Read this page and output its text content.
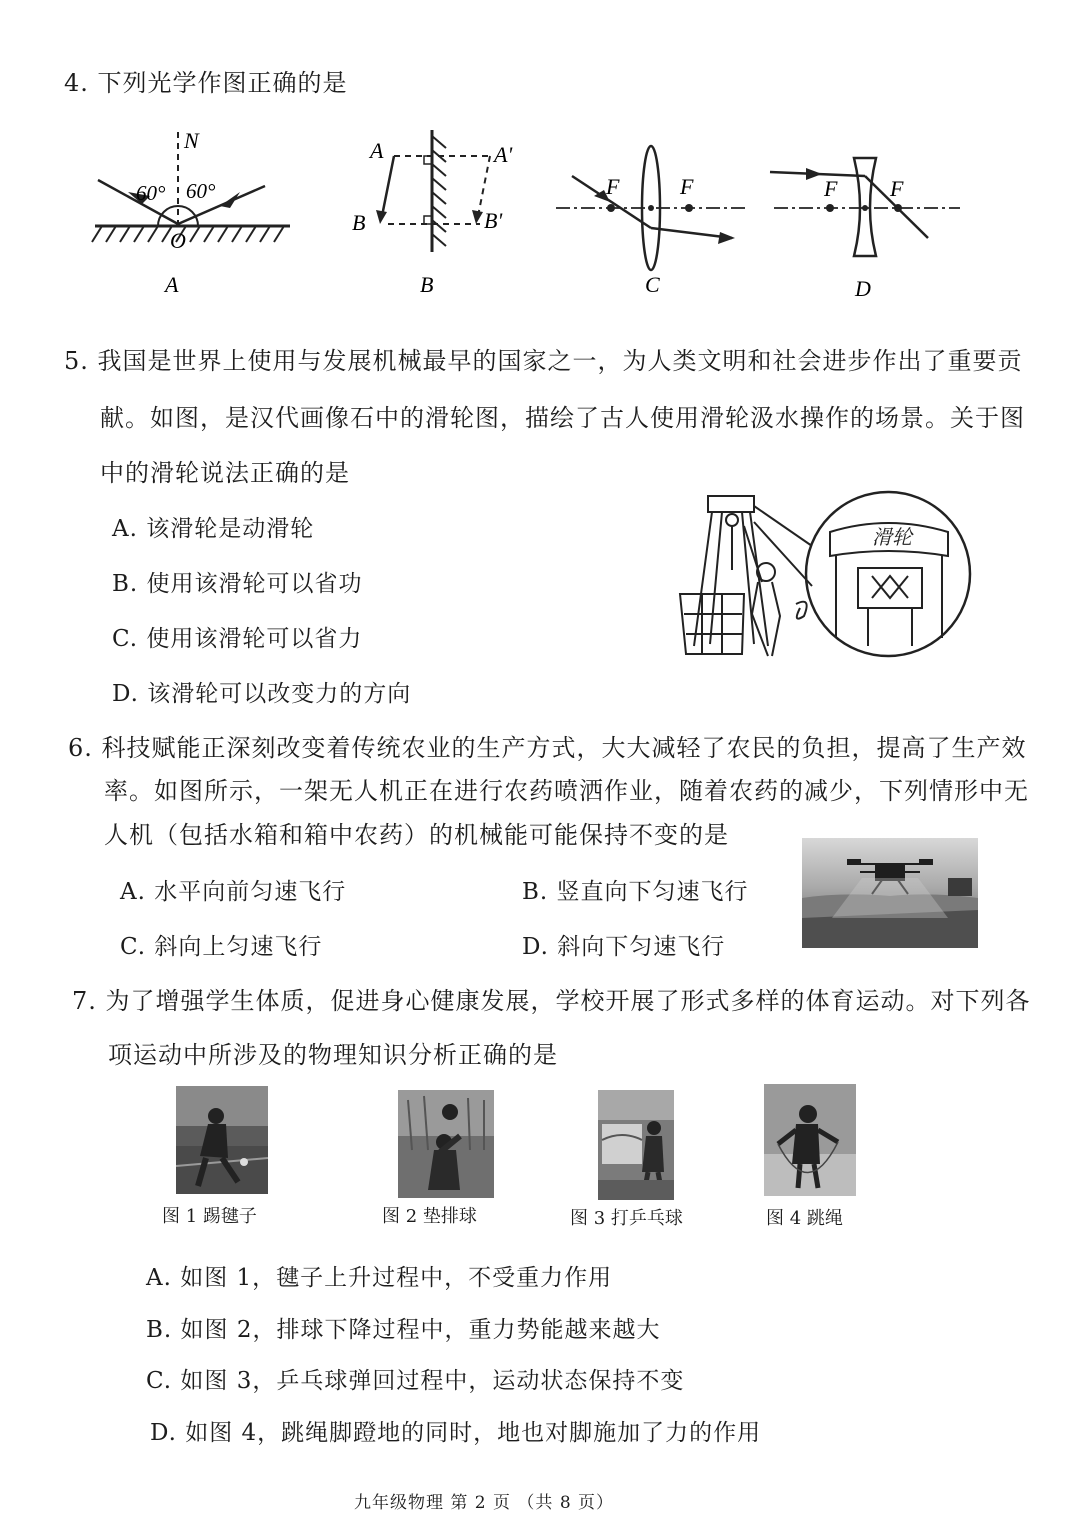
4. 下列光学作图正确的是
N
60° 60°
O
A
A	A'
B	B'
B
F	F
C
F F
D
5. 我国是世界上使用与发展机械最早的国家之一，为人类文明和社会进步作出了重要贡
献。如图，是汉代画像石中的滑轮图，描绘了古人使用滑轮汲水操作的场景。关于图
中的滑轮说法正确的是
A. 该滑轮是动滑轮
B. 使用该滑轮可以省功
C. 使用该滑轮可以省力
D. 该滑轮可以改变力的方向
滑轮
6. 科技赋能正深刻改变着传统农业的生产方式，大大减轻了农民的负担，提高了生产效
率。如图所示，一架无人机正在进行农药喷洒作业，随着农药的减少，下列情形中无
人机（包括水箱和箱中农药）的机械能可能保持不变的是
A. 水平向前匀速飞行	B. 竖直向下匀速飞行
C. 斜向上匀速飞行	D. 斜向下匀速飞行
7. 为了增强学生体质，促进身心健康发展，学校开展了形式多样的体育运动。对下列各
项运动中所涉及的物理知识分析正确的是
图 1 踢毽子	图 2 垫排球	图 3 打乒乓球	图 4 跳绳
A. 如图 1，毽子上升过程中，不受重力作用
B. 如图 2，排球下降过程中，重力势能越来越大
C. 如图 3，乒乓球弹回过程中，运动状态保持不变
D. 如图 4，跳绳脚蹬地的同时，地也对脚施加了力的作用
九年级物理 第 2 页 （共 8 页）
